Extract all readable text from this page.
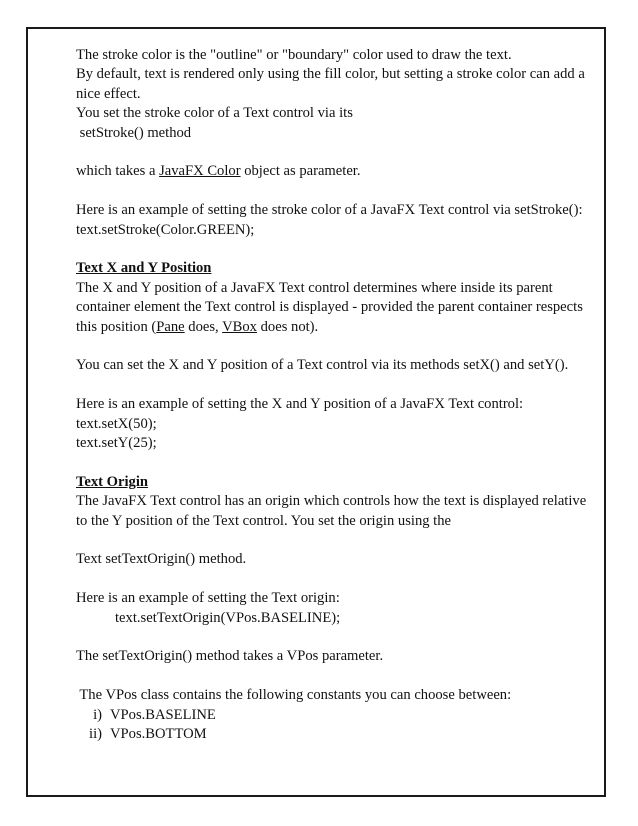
The stroke color is the "outline" or "boundary" color used to draw the text.

By default, text is rendered only using the fill color, but setting a stroke color can add a

nice effect.

You set the stroke color of a Text control via its

setStroke() method

which takes a JavaFX Color object as parameter.

Here is an example of setting the stroke color of a JavaFX Text control via setStroke():

text.setStroke(Color.GREEN);

Text X and Y Position

The X and Y position of a JavaFX Text control determines where inside its parent

container element the Text control is displayed - provided the parent container respects

this position (Pane does, VBox does not).

You can set the X and Y position of a Text control via its methods setX() and setY().

Here is an example of setting the X and Y position of a JavaFX Text control:

text.setX(50);

text.setY(25);

Text Origin

The JavaFX Text control has an origin which controls how the text is displayed relative

to the Y position of the Text control. You set the origin using the

Text setTextOrigin() method.

Here is an example of setting the Text origin:

text.setTextOrigin(VPos.BASELINE);

The setTextOrigin() method takes a VPos parameter.

The VPos class contains the following constants you can choose between:

i) VPos.BASELINE
ii) VPos.BOTTOM
